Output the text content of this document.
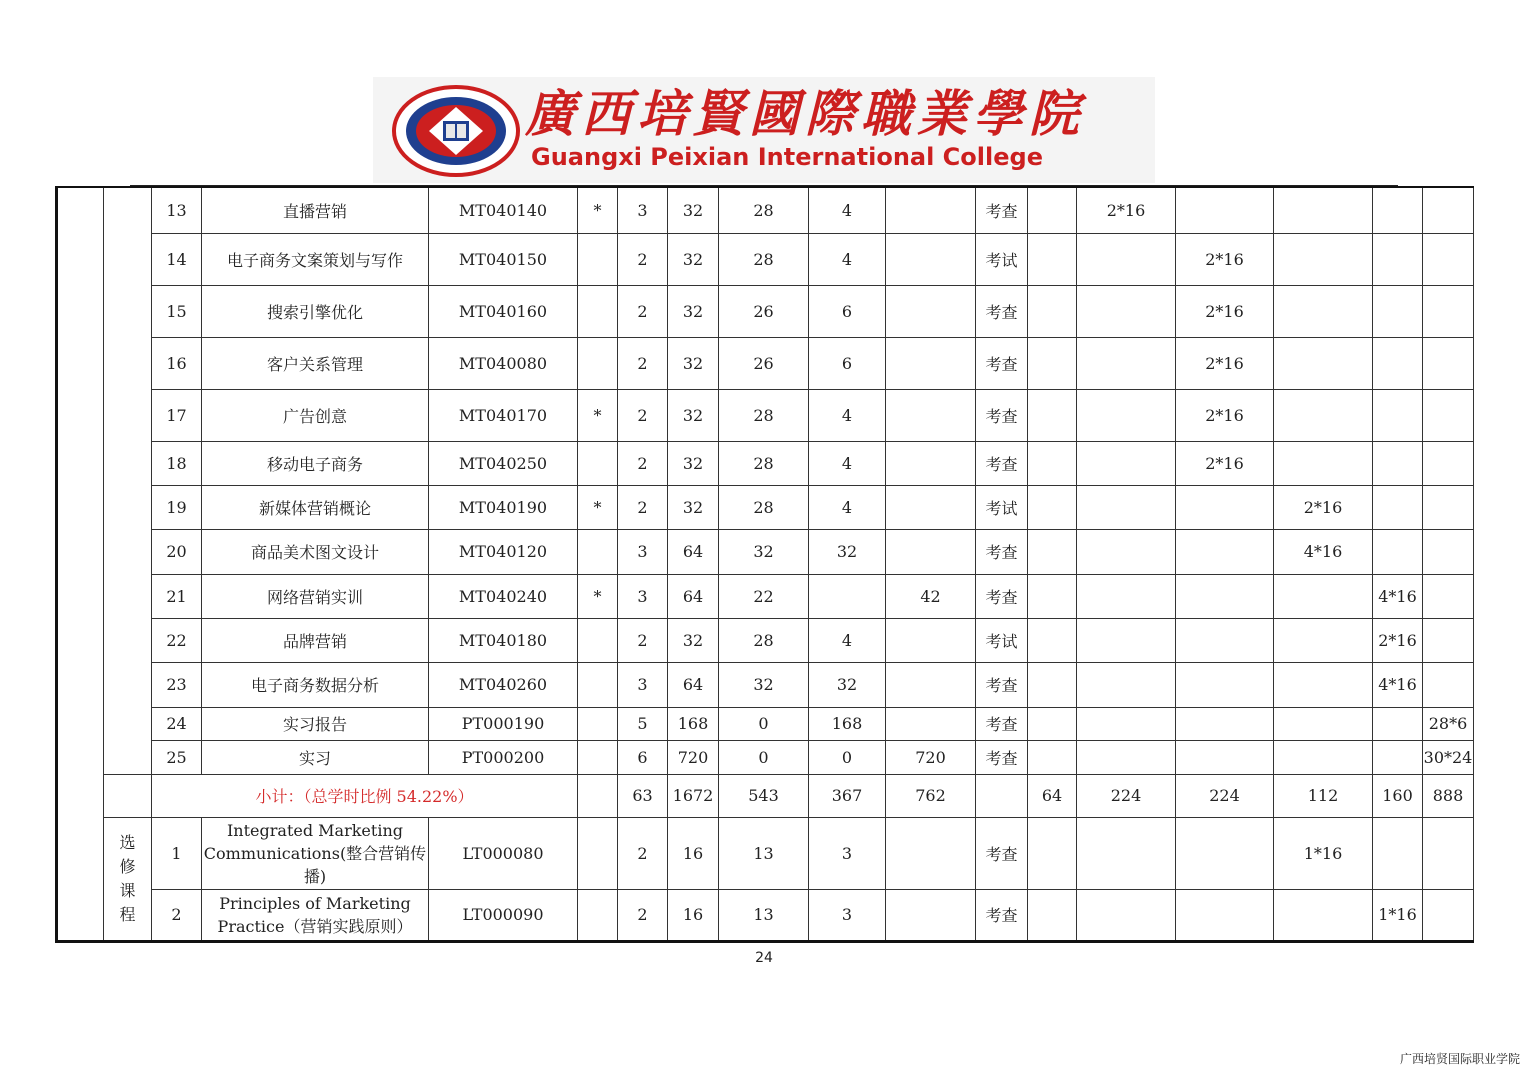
廣西培賢國際職業學院
Guangxi Peixian International College
		13	直播营销	MT040140	*	3	32	28	4		考查		2*16				
		14	电子商务文案策划与写作	MT040150		2	32	28	4		考试			2*16			
		15	搜索引擎优化	MT040160		2	32	26	6		考查			2*16			
		16	客户关系管理	MT040080		2	32	26	6		考查			2*16			
		17	广告创意	MT040170	*	2	32	28	4		考查			2*16			
		18	移动电子商务	MT040250		2	32	28	4		考查			2*16			
		19	新媒体营销概论	MT040190	*	2	32	28	4		考试				2*16		
		20	商品美术图文设计	MT040120		3	64	32	32		考查				4*16		
		21	网络营销实训	MT040240	*	3	64	22		42	考查					4*16	
		22	品牌营销	MT040180		2	32	28	4		考试					2*16	
		23	电子商务数据分析	MT040260		3	64	32	32		考查					4*16	
		24	实习报告	PT000190		5	168	0	168		考查						28*6
		25	实习	PT000200		6	720	0	0	720	考查						30*24
		小计：（总学时比例 54.22%）				63	1672	543	367	762		64	224	224	112	160	888
	选
修
课
程	1	Integrated Marketing Communications(整合营销传播)	LT000080		2	16	13	3		考查				1*16		
		2	Principles of Marketing Practice（营销实践原则）	LT000090		2	16	13	3		考查					1*16	
24
广西培贤国际职业学院
